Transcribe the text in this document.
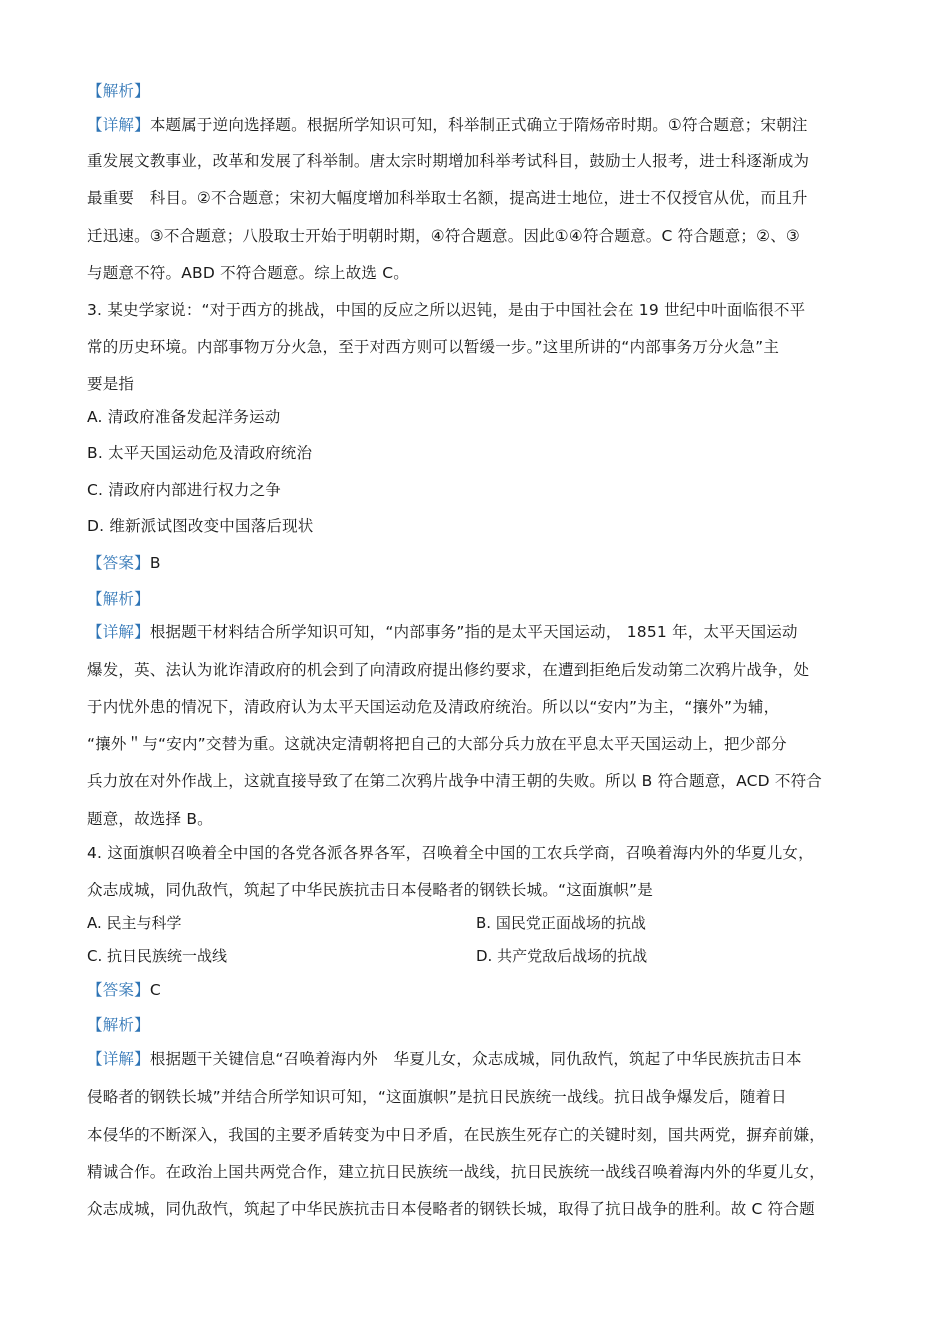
【解析】
【详解】本题属于逆向选择题。根据所学知识可知，科举制正式确立于隋炀帝时期。①符合题意；宋朝注
重发展文教事业，改革和发展了科举制。唐太宗时期增加科举考试科目，鼓励士人报考，进士科逐渐成为
最重要　科目。②不合题意；宋初大幅度增加科举取士名额，提高进士地位，进士不仅授官从优，而且升
迁迅速。③不合题意；八股取士开始于明朝时期，④符合题意。因此①④符合题意。C 符合题意；②、③
与题意不符。ABD 不符合题意。综上故选 C。
3. 某史学家说：“对于西方的挑战，中国的反应之所以迟钝，是由于中国社会在 19 世纪中叶面临很不平
常的历史环境。内部事物万分火急，至于对西方则可以暂缓一步。”这里所讲的“内部事务万分火急”主
要是指
A. 清政府准备发起洋务运动
B. 太平天国运动危及清政府统治
C. 清政府内部进行权力之争
D. 维新派试图改变中国落后现状
【答案】B
【解析】
【详解】根据题干材料结合所学知识可知，“内部事务”指的是太平天国运动， 1851 年，太平天国运动
爆发，英、法认为讹诈清政府的机会到了向清政府提出修约要求，在遭到拒绝后发动第二次鸦片战争，处
于内忧外患的情况下，清政府认为太平天国运动危及清政府统治。所以以“安内”为主，“攘外”为辅，
“攘外＂与“安内”交替为重。这就决定清朝将把自己的大部分兵力放在平息太平天国运动上，把少部分
兵力放在对外作战上，这就直接导致了在第二次鸦片战争中清王朝的失败。所以 B 符合题意，ACD 不符合
题意，故选择 B。
4. 这面旗帜召唤着全中国的各党各派各界各军，召唤着全中国的工农兵学商，召唤着海内外的华夏儿女，
众志成城，同仇敌忾，筑起了中华民族抗击日本侵略者的钢铁长城。“这面旗帜”是
A. 民主与科学	B. 国民党正面战场的抗战
C. 抗日民族统一战线	D. 共产党敌后战场的抗战
【答案】C
【解析】
【详解】根据题干关键信息“召唤着海内外　华夏儿女，众志成城，同仇敌忾，筑起了中华民族抗击日本
侵略者的钢铁长城”并结合所学知识可知，“这面旗帜”是抗日民族统一战线。抗日战争爆发后，随着日
本侵华的不断深入，我国的主要矛盾转变为中日矛盾，在民族生死存亡的关键时刻，国共两党，摒弃前嫌，
精诚合作。在政治上国共两党合作，建立抗日民族统一战线，抗日民族统一战线召唤着海内外的华夏儿女，
众志成城，同仇敌忾，筑起了中华民族抗击日本侵略者的钢铁长城，取得了抗日战争的胜利。故 C 符合题
